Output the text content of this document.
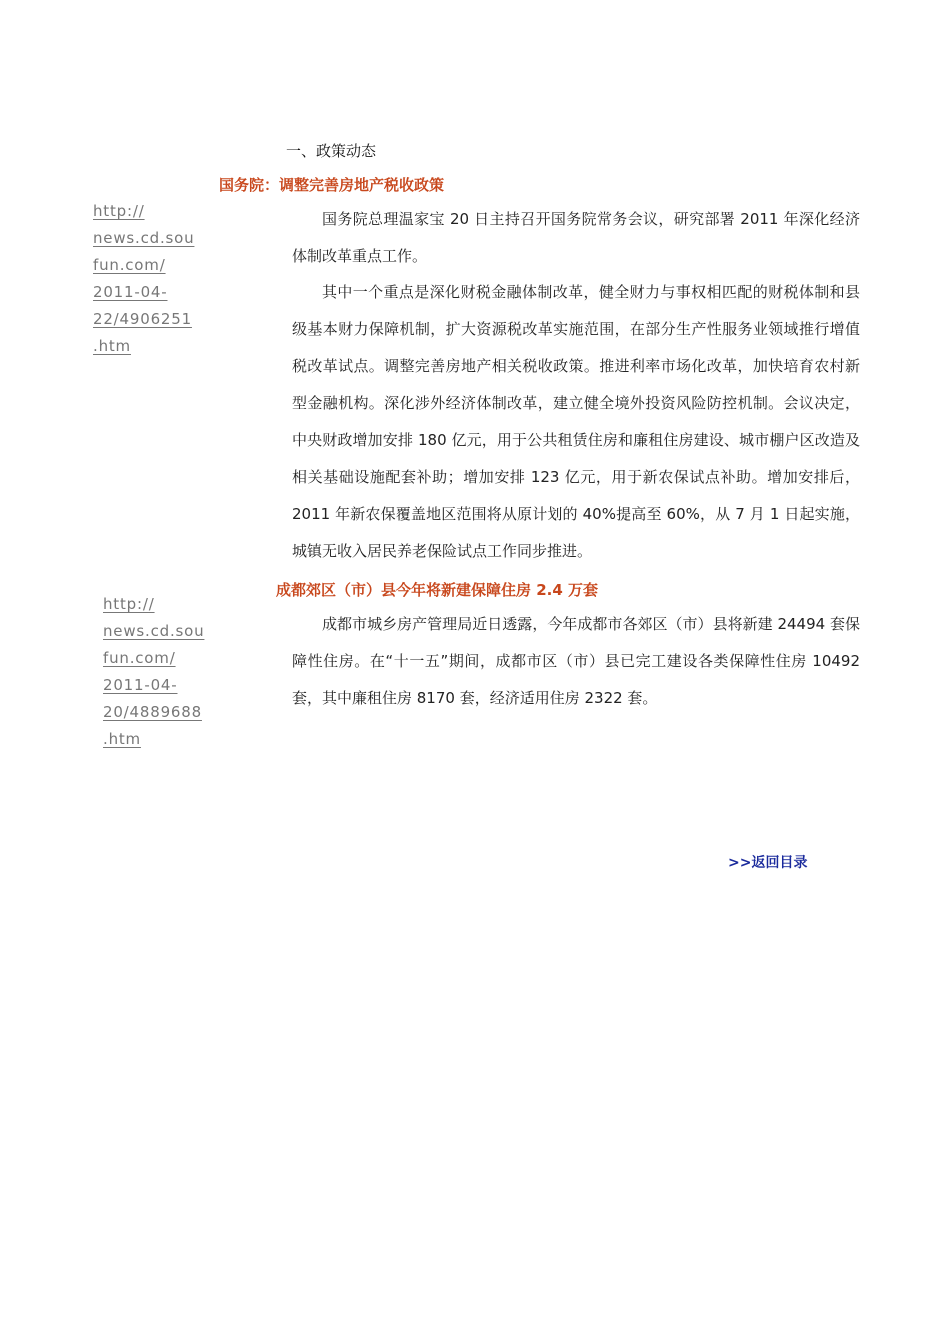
一、政策动态
国务院：调整完善房地产税收政策
http://
news.cd.sou
fun.com/
2011-04-
22/4906251
.htm

国务院总理温家宝 20 日主持召开国务院常务会议，研究部署 2011 年深化经济体制改革重点工作。

其中一个重点是深化财税金融体制改革，健全财力与事权相匹配的财税体制和县级基本财力保障机制，扩大资源税改革实施范围，在部分生产性服务业领域推行增值税改革试点。调整完善房地产相关税收政策。推进利率市场化改革，加快培育农村新型金融机构。深化涉外经济体制改革，建立健全境外投资风险防控机制。会议决定，中央财政增加安排 180 亿元，用于公共租赁住房和廉租住房建设、城市棚户区改造及相关基础设施配套补助；增加安排 123 亿元，用于新农保试点补助。增加安排后，2011 年新农保覆盖地区范围将从原计划的 40%提高至 60%，从 7 月 1 日起实施，城镇无收入居民养老保险试点工作同步推进。

成都郊区（市）县今年将新建保障住房 2.4 万套
http://
news.cd.sou
fun.com/
2011-04-
20/4889688
.htm

成都市城乡房产管理局近日透露，今年成都市各郊区（市）县将新建 24494 套保障性住房。在“十一五”期间，成都市区（市）县已完工建设各类保障性住房 10492 套，其中廉租住房 8170 套，经济适用住房 2322 套。

>>返回目录
